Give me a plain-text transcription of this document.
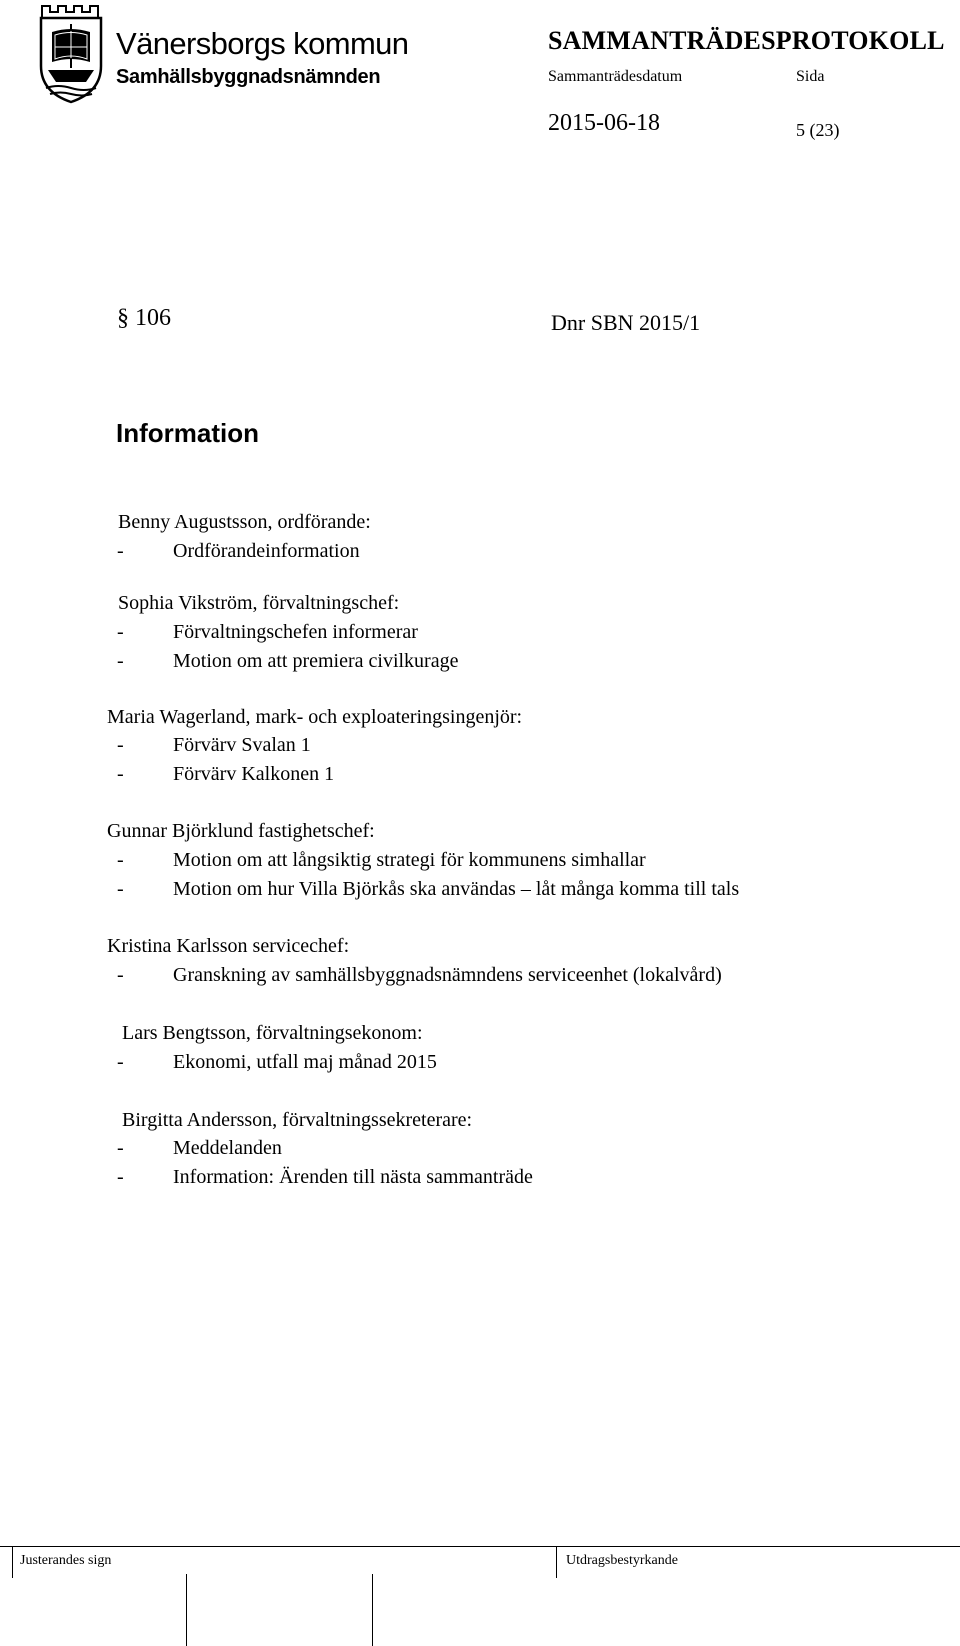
Vänersborgs kommun
Samhällsbyggnadsnämnden
SAMMANTRÄDESPROTOKOLL
Sammanträdesdatum	Sida
2015-06-18	5 (23)
§ 106	Dnr SBN 2015/1
Information
Benny Augustsson, ordförande:
- Ordförandeinformation
Sophia Vikström, förvaltningschef:
- Förvaltningschefen informerar
- Motion om att premiera civilkurage
Maria Wagerland, mark- och exploateringsingenjör:
- Förvärv Svalan 1
- Förvärv Kalkonen 1
Gunnar Björklund fastighetschef:
- Motion om att långsiktig strategi för kommunens simhallar
- Motion om hur Villa Björkås ska användas – låt många komma till tals
Kristina Karlsson servicechef:
- Granskning av samhällsbyggnadsnämndens serviceenhet (lokalvård)
Lars Bengtsson, förvaltningsekonom:
- Ekonomi, utfall maj månad 2015
Birgitta Andersson, förvaltningssekreterare:
- Meddelanden
- Information: Ärenden till nästa sammanträde
Justerandes sign	Utdragsbestyrkande
